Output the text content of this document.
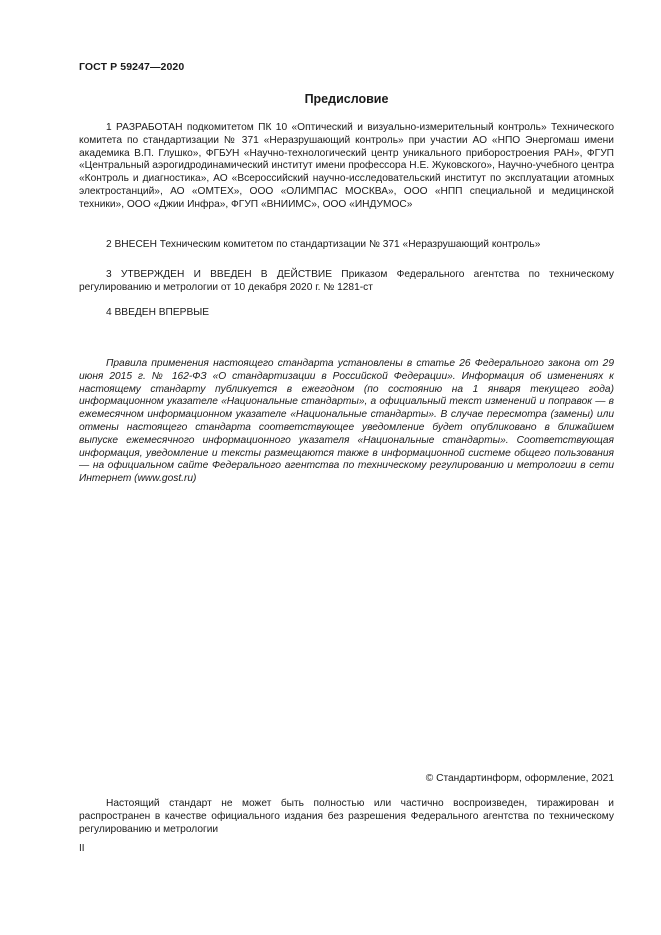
ГОСТ Р 59247—2020
Предисловие

1 РАЗРАБОТАН подкомитетом ПК 10 «Оптический и визуально-измерительный контроль» Технического комитета по стандартизации № 371 «Неразрушающий контроль» при участии АО «НПО Энергомаш имени академика В.П. Глушко», ФГБУН «Научно-технологический центр уникального приборостроения РАН», ФГУП «Центральный аэрогидродинамический институт имени профессора Н.Е. Жуковского», Научно-учебного центра «Контроль и диагностика», АО «Всероссийский научно-исследовательский институт по эксплуатации атомных электростанций», АО «ОМТЕХ», ООО «ОЛИМПАС МОСКВА», ООО «НПП специальной и медицинской техники», ООО «Джии Инфра», ФГУП «ВНИИМС», ООО «ИНДУМОС»

2 ВНЕСЕН Техническим комитетом по стандартизации № 371 «Неразрушающий контроль»

3 УТВЕРЖДЕН И ВВЕДЕН В ДЕЙСТВИЕ Приказом Федерального агентства по техническому регулированию и метрологии от 10 декабря 2020 г. № 1281-ст

4 ВВЕДЕН ВПЕРВЫЕ

Правила применения настоящего стандарта установлены в статье 26 Федерального закона от 29 июня 2015 г. № 162-ФЗ «О стандартизации в Российской Федерации». Информация об изменениях к настоящему стандарту публикуется в ежегодном (по состоянию на 1 января текущего года) информационном указателе «Национальные стандарты», а официальный текст изменений и поправок — в ежемесячном информационном указателе «Национальные стандарты». В случае пересмотра (замены) или отмены настоящего стандарта соответствующее уведомление будет опубликовано в ближайшем выпуске ежемесячного информационного указателя «Национальные стандарты». Соответствующая информация, уведомление и тексты размещаются также в информационной системе общего пользования — на официальном сайте Федерального агентства по техническому регулированию и метрологии в сети Интернет (www.gost.ru)

© Стандартинформ, оформление, 2021

Настоящий стандарт не может быть полностью или частично воспроизведен, тиражирован и распространен в качестве официального издания без разрешения Федерального агентства по техническому регулированию и метрологии

II
